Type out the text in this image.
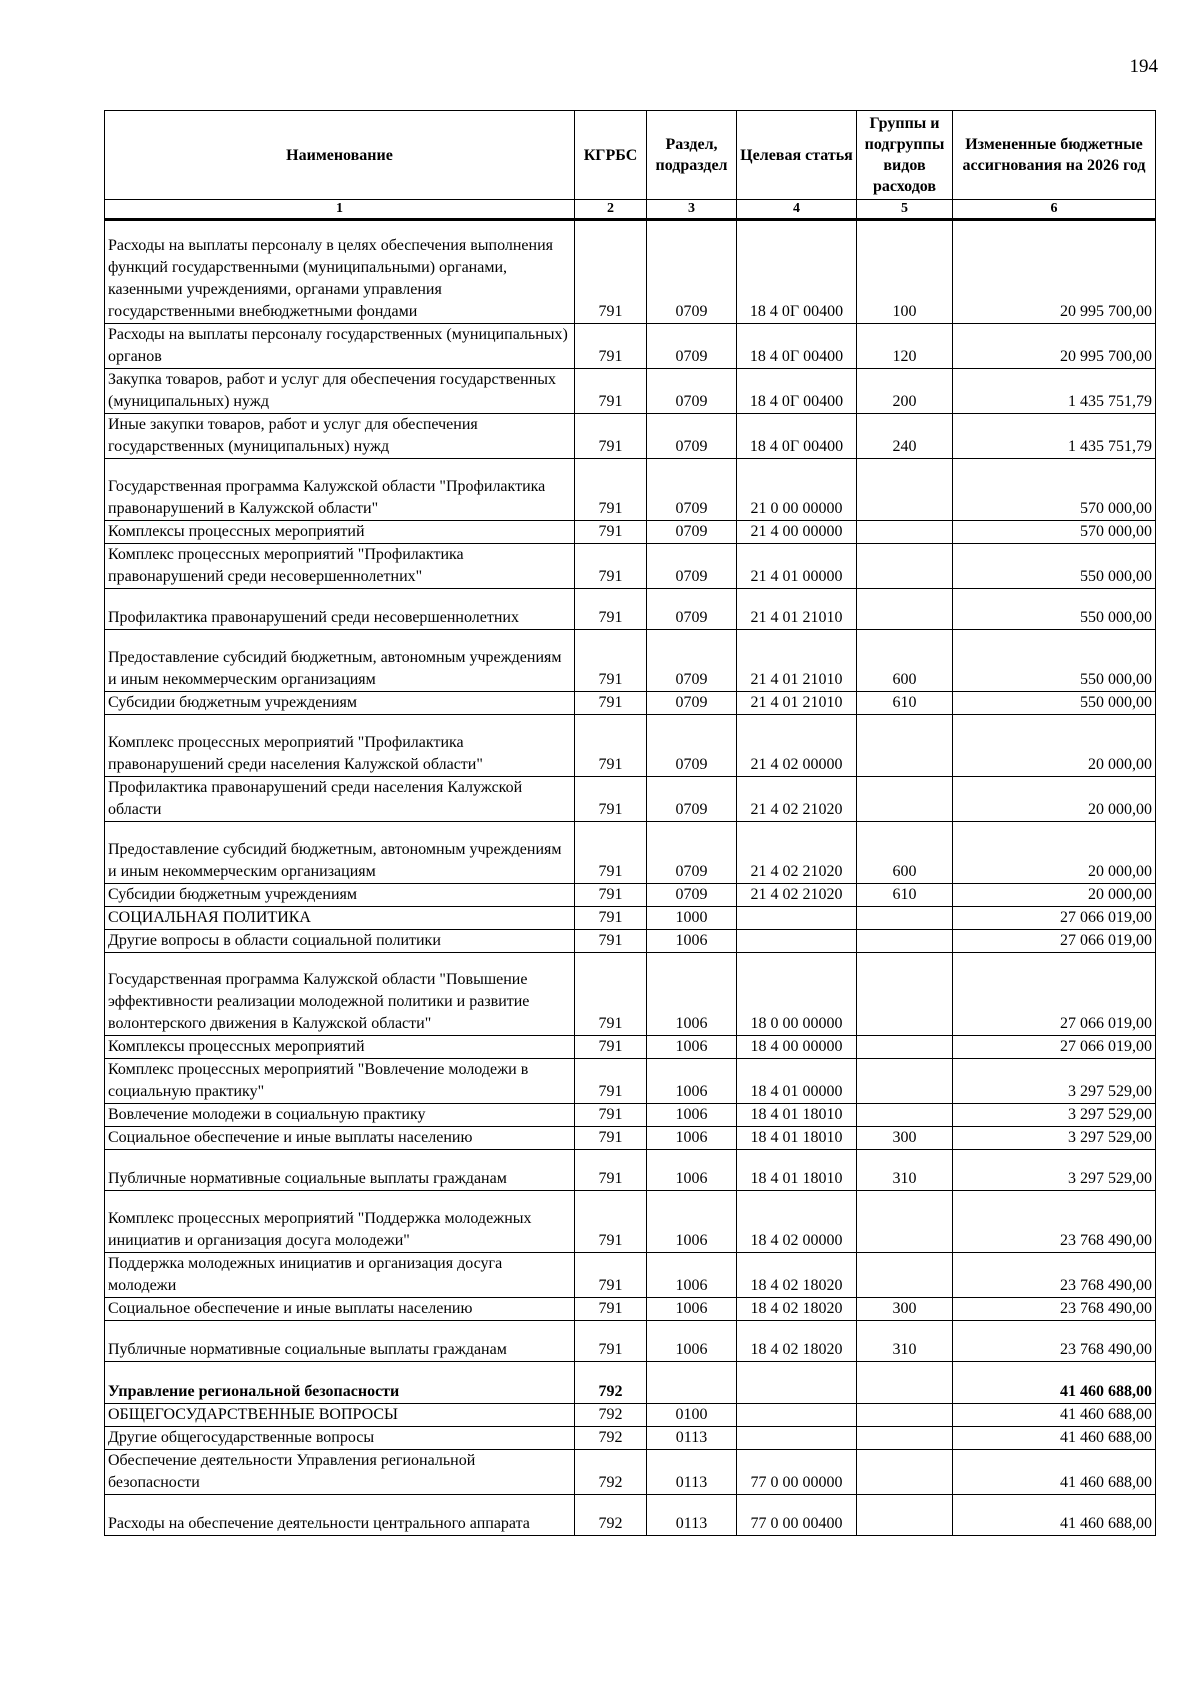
194
Наименование	КГРБС	Раздел, подраздел	Целевая статья	Группы и подгруппы видов расходов	Измененные бюджетные ассигнования на 2026 год
1	2	3	4	5	6
Расходы на выплаты персоналу в целях обеспечения выполнения функций государственными (муниципальными) органами, казенными учреждениями, органами управления государственными внебюджетными фондами	791	0709	18 4 0Г 00400	100	20 995 700,00
Расходы на выплаты персоналу государственных (муниципальных) органов	791	0709	18 4 0Г 00400	120	20 995 700,00
Закупка товаров, работ и услуг для обеспечения государственных (муниципальных) нужд	791	0709	18 4 0Г 00400	200	1 435 751,79
Иные закупки товаров, работ и услуг для обеспечения государственных (муниципальных) нужд	791	0709	18 4 0Г 00400	240	1 435 751,79
Государственная программа Калужской области "Профилактика правонарушений в Калужской области"	791	0709	21 0 00 00000		570 000,00
Комплексы процессных мероприятий	791	0709	21 4 00 00000		570 000,00
Комплекс процессных мероприятий "Профилактика правонарушений среди несовершеннолетних"	791	0709	21 4 01 00000		550 000,00
Профилактика правонарушений среди несовершеннолетних	791	0709	21 4 01 21010		550 000,00
Предоставление субсидий бюджетным, автономным учреждениям и иным некоммерческим организациям	791	0709	21 4 01 21010	600	550 000,00
Субсидии бюджетным учреждениям	791	0709	21 4 01 21010	610	550 000,00
Комплекс процессных мероприятий "Профилактика правонарушений среди населения Калужской области"	791	0709	21 4 02 00000		20 000,00
Профилактика правонарушений среди населения Калужской области	791	0709	21 4 02 21020		20 000,00
Предоставление субсидий бюджетным, автономным учреждениям и иным некоммерческим организациям	791	0709	21 4 02 21020	600	20 000,00
Субсидии бюджетным учреждениям	791	0709	21 4 02 21020	610	20 000,00
СОЦИАЛЬНАЯ ПОЛИТИКА	791	1000			27 066 019,00
Другие вопросы в области социальной политики	791	1006			27 066 019,00
Государственная программа Калужской области "Повышение эффективности реализации молодежной политики и развитие волонтерского движения в Калужской области"	791	1006	18 0 00 00000		27 066 019,00
Комплексы процессных мероприятий	791	1006	18 4 00 00000		27 066 019,00
Комплекс процессных мероприятий "Вовлечение молодежи в социальную практику"	791	1006	18 4 01 00000		3 297 529,00
Вовлечение молодежи в социальную практику	791	1006	18 4 01 18010		3 297 529,00
Социальное обеспечение и иные выплаты населению	791	1006	18 4 01 18010	300	3 297 529,00
Публичные нормативные социальные выплаты гражданам	791	1006	18 4 01 18010	310	3 297 529,00
Комплекс процессных мероприятий "Поддержка молодежных инициатив и организация досуга молодежи"	791	1006	18 4 02 00000		23 768 490,00
Поддержка молодежных инициатив и организация досуга молодежи	791	1006	18 4 02 18020		23 768 490,00
Социальное обеспечение и иные выплаты населению	791	1006	18 4 02 18020	300	23 768 490,00
Публичные нормативные социальные выплаты гражданам	791	1006	18 4 02 18020	310	23 768 490,00
Управление региональной безопасности	792				41 460 688,00
ОБЩЕГОСУДАРСТВЕННЫЕ ВОПРОСЫ	792	0100			41 460 688,00
Другие общегосударственные вопросы	792	0113			41 460 688,00
Обеспечение деятельности Управления региональной безопасности	792	0113	77 0 00 00000		41 460 688,00
Расходы на обеспечение деятельности центрального аппарата	792	0113	77 0 00 00400		41 460 688,00
